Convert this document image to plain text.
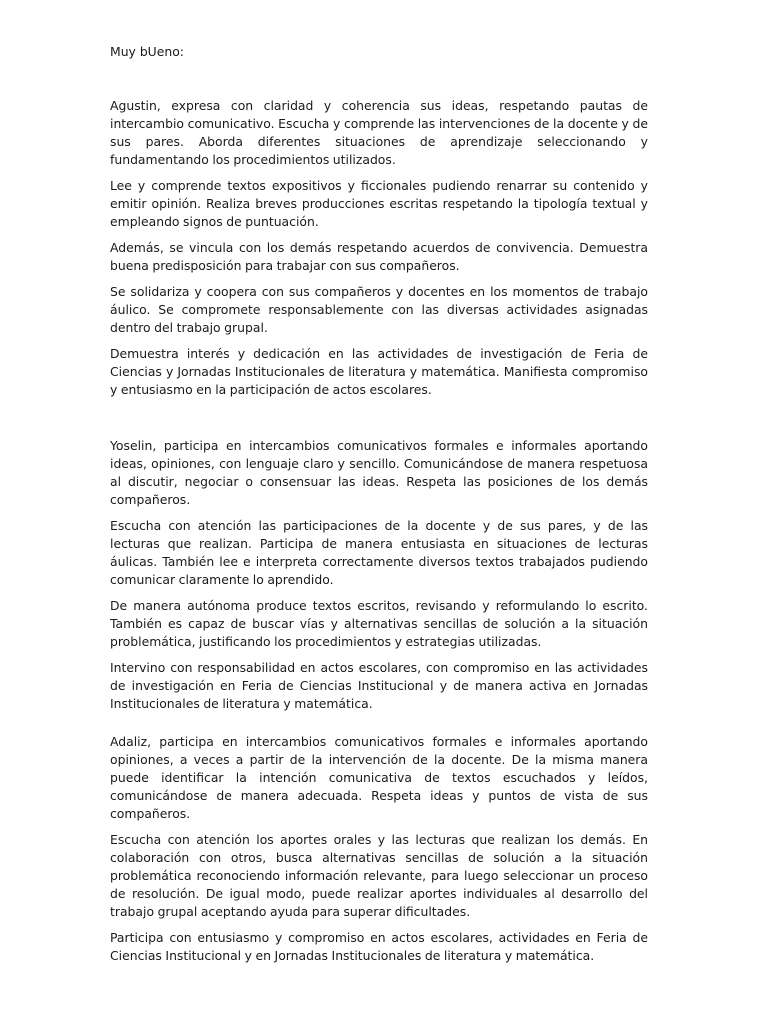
Muy bUeno:

Agustin, expresa con claridad y coherencia sus ideas, respetando pautas de intercambio comunicativo. Escucha y comprende las intervenciones de la docente y de sus pares. Aborda diferentes situaciones de aprendizaje seleccionando y fundamentando los procedimientos utilizados.

Lee y comprende textos expositivos y ficcionales pudiendo renarrar su contenido y emitir opinión. Realiza breves producciones escritas respetando la tipología textual y empleando signos de puntuación.

Además, se vincula con los demás respetando acuerdos de convivencia. Demuestra buena predisposición para trabajar con sus compañeros.

Se solidariza y coopera con sus compañeros y docentes en los momentos de trabajo áulico. Se compromete responsablemente con las diversas actividades asignadas dentro del trabajo grupal.

Demuestra interés y dedicación en las actividades de investigación de Feria de Ciencias y Jornadas Institucionales de literatura y matemática. Manifiesta compromiso y entusiasmo en la participación de actos escolares.

Yoselin, participa en intercambios comunicativos formales e informales aportando ideas, opiniones, con lenguaje claro y sencillo. Comunicándose de manera respetuosa al discutir, negociar o consensuar las ideas. Respeta las posiciones de los demás compañeros.

Escucha con atención las participaciones de la docente y de sus pares, y de las lecturas que realizan. Participa de manera entusiasta en situaciones de lecturas áulicas. También lee e interpreta correctamente diversos textos trabajados pudiendo comunicar claramente lo aprendido.

De manera autónoma produce textos escritos, revisando y reformulando lo escrito. También es capaz de buscar vías y alternativas sencillas de solución a la situación problemática, justificando los procedimientos y estrategias utilizadas.

Intervino con responsabilidad en actos escolares, con compromiso en las actividades de investigación en Feria de Ciencias Institucional y de manera activa en Jornadas Institucionales de literatura y matemática.

Adaliz, participa en intercambios comunicativos formales e informales aportando opiniones, a veces a partir de la intervención de la docente. De la misma manera puede identificar la intención comunicativa de textos escuchados y leídos, comunicándose de manera adecuada. Respeta ideas y puntos de vista de sus compañeros.

Escucha con atención los aportes orales y las lecturas que realizan los demás. En colaboración con otros, busca alternativas sencillas de solución a la situación problemática reconociendo información relevante, para luego seleccionar un proceso de resolución. De igual modo, puede realizar aportes individuales al desarrollo del trabajo grupal aceptando ayuda para superar dificultades.

Participa con entusiasmo y compromiso en actos escolares, actividades en Feria de Ciencias Institucional y en Jornadas Institucionales de literatura y matemática.
